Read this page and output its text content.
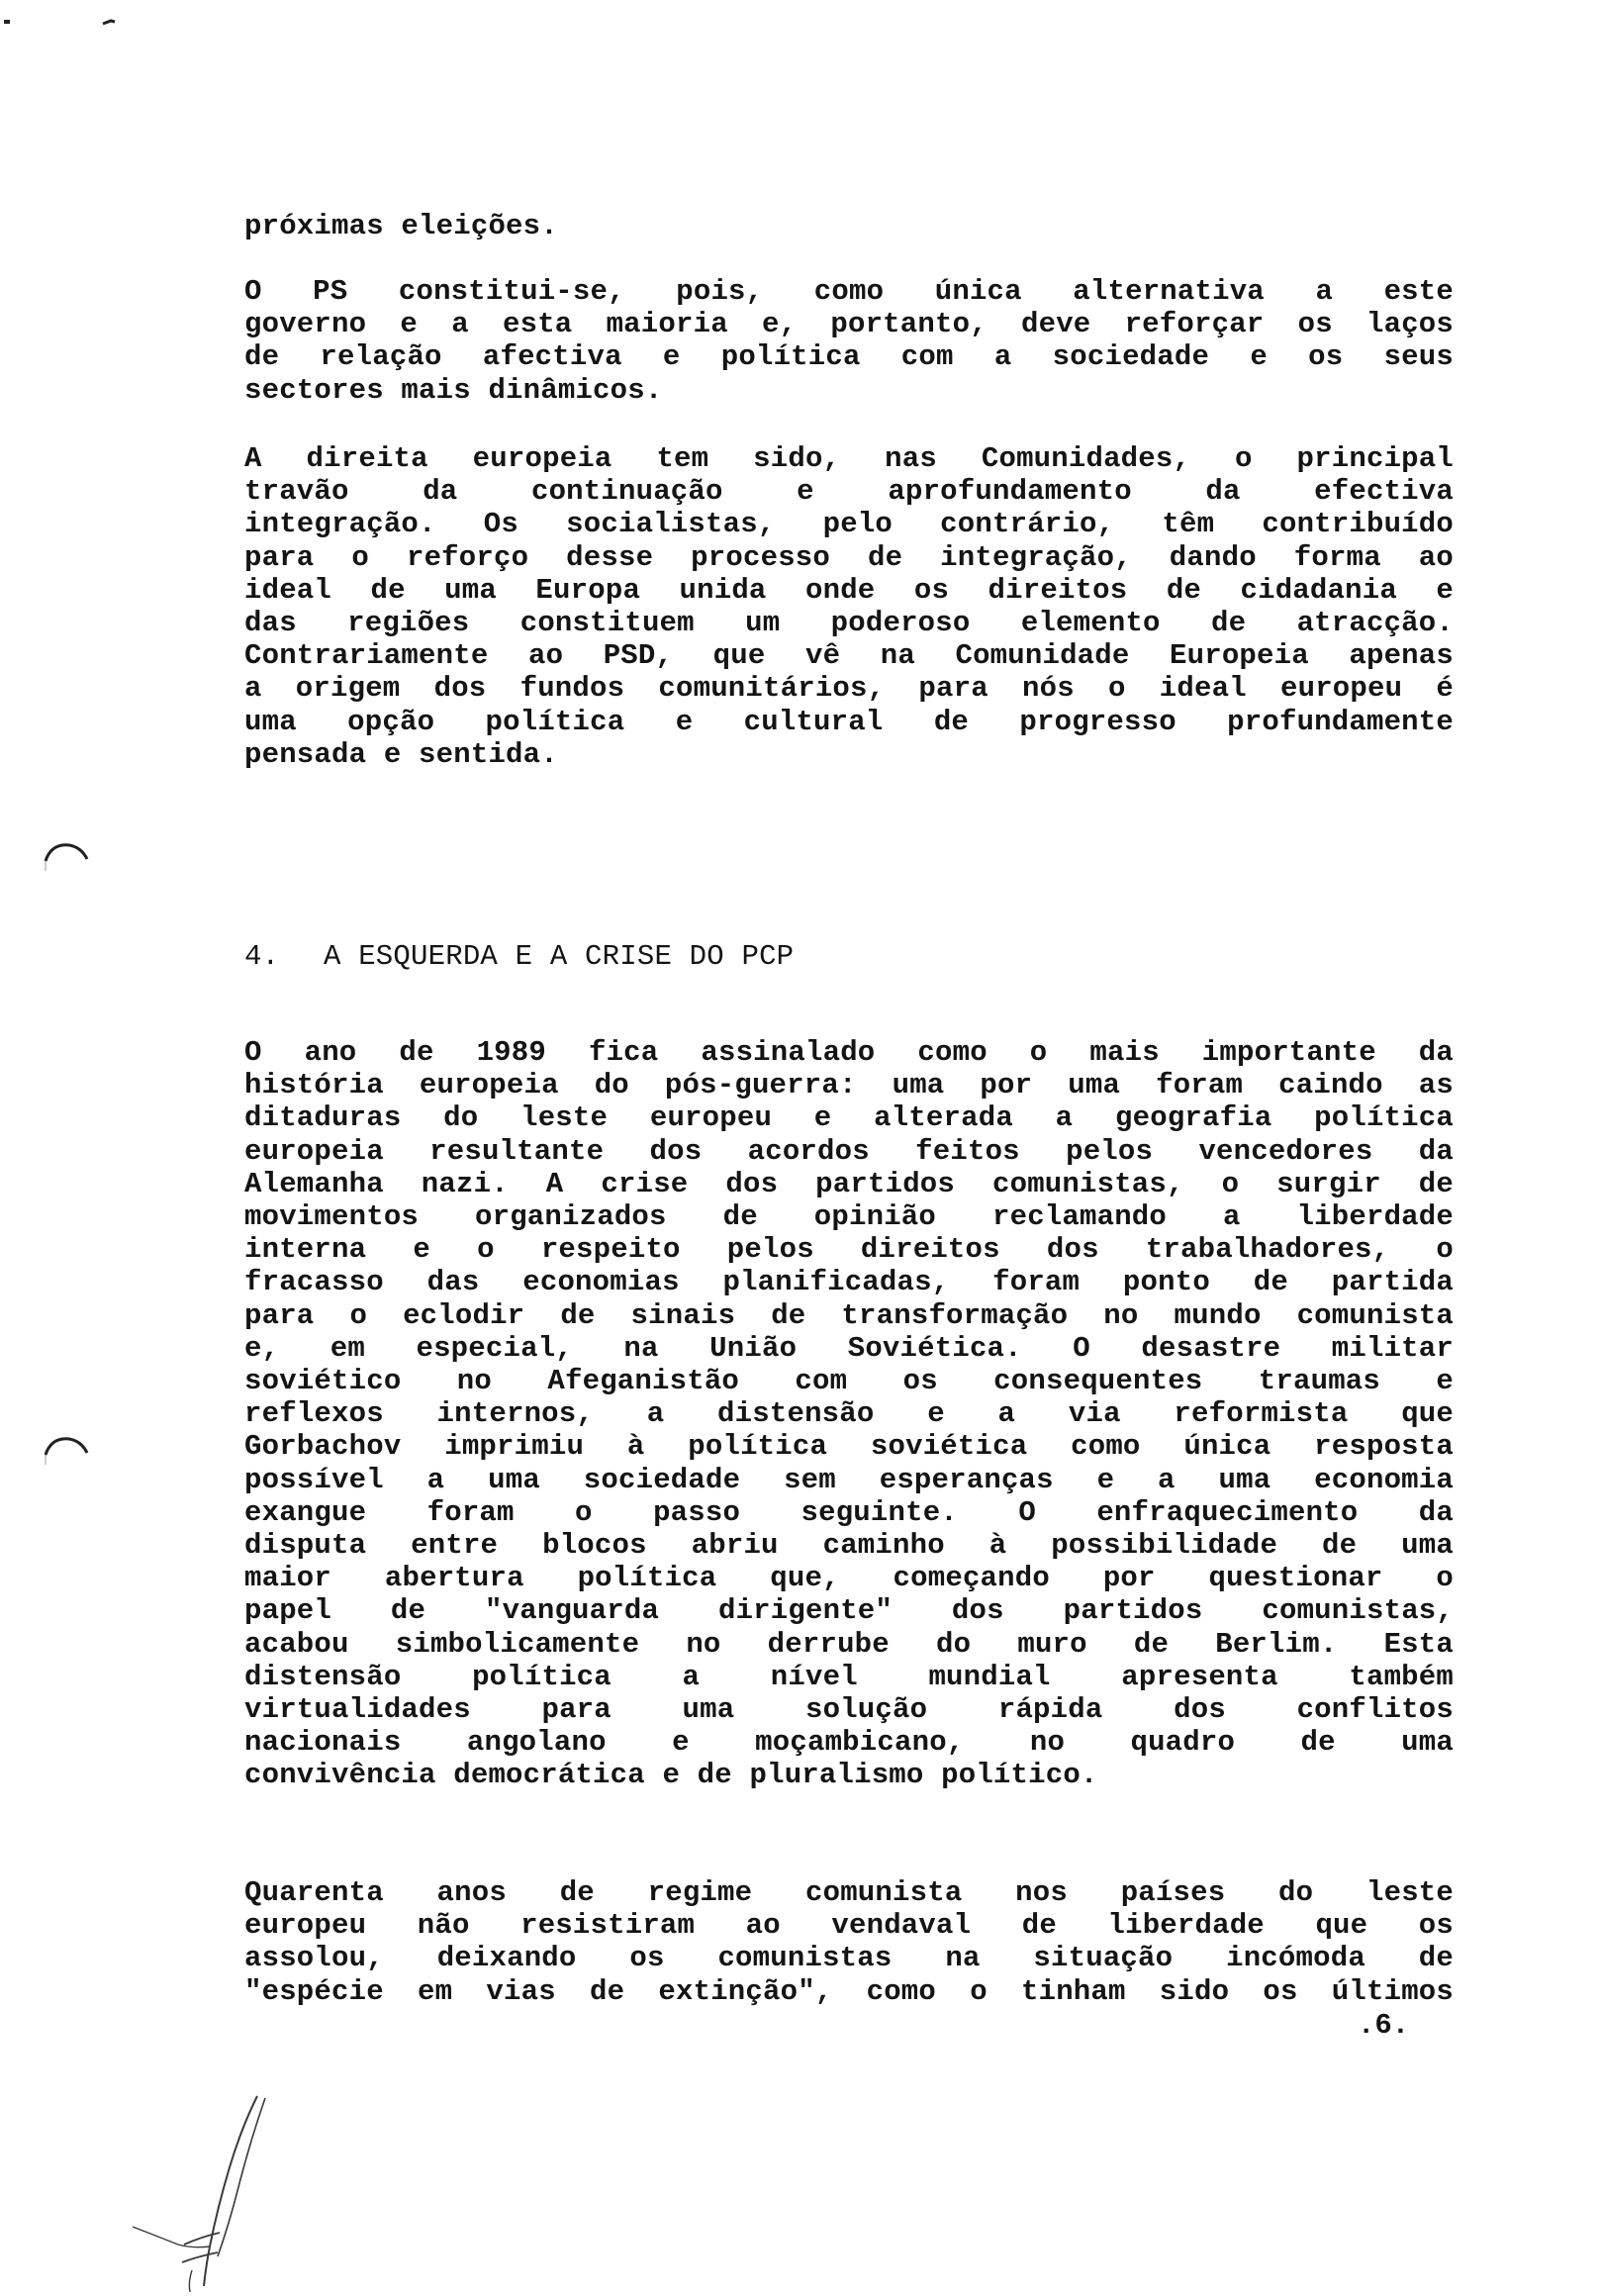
próximas eleições.
O PS constitui-se, pois, como única alternativa a este
governo e a esta maioria e, portanto, deve reforçar os laços
de relação afectiva e política com a sociedade e os seus
sectores mais dinâmicos.
A direita europeia tem sido, nas Comunidades, o principal
travão da continuação e aprofundamento da efectiva
integração. Os socialistas, pelo contrário, têm contribuído
para o reforço desse processo de integração, dando forma ao
ideal de uma Europa unida onde os direitos de cidadania e
das regiões constituem um poderoso elemento de atracção.
Contrariamente ao PSD, que vê na Comunidade Europeia apenas
a origem dos fundos comunitários, para nós o ideal europeu é
uma opção política e cultural de progresso profundamente
pensada e sentida.
4. A ESQUERDA E A CRISE DO PCP
O ano de 1989 fica assinalado como o mais importante da
história europeia do pós-guerra: uma por uma foram caindo as
ditaduras do leste europeu e alterada a geografia política
europeia resultante dos acordos feitos pelos vencedores da
Alemanha nazi. A crise dos partidos comunistas, o surgir de
movimentos organizados de opinião reclamando a liberdade
interna e o respeito pelos direitos dos trabalhadores, o
fracasso das economias planificadas, foram ponto de partida
para o eclodir de sinais de transformação no mundo comunista
e, em especial, na União Soviética. O desastre militar
soviético no Afeganistão com os consequentes traumas e
reflexos internos, a distensão e a via reformista que
Gorbachov imprimiu à política soviética como única resposta
possível a uma sociedade sem esperanças e a uma economia
exangue foram o passo seguinte. O enfraquecimento da
disputa entre blocos abriu caminho à possibilidade de uma
maior abertura política que, começando por questionar o
papel de "vanguarda dirigente" dos partidos comunistas,
acabou simbolicamente no derrube do muro de Berlim. Esta
distensão política a nível mundial apresenta também
virtualidades para uma solução rápida dos conflitos
nacionais angolano e moçambicano, no quadro de uma
convivência democrática e de pluralismo político.
Quarenta anos de regime comunista nos países do leste
europeu não resistiram ao vendaval de liberdade que os
assolou, deixando os comunistas na situação incómoda de
"espécie em vias de extinção", como o tinham sido os últimos
.6.
